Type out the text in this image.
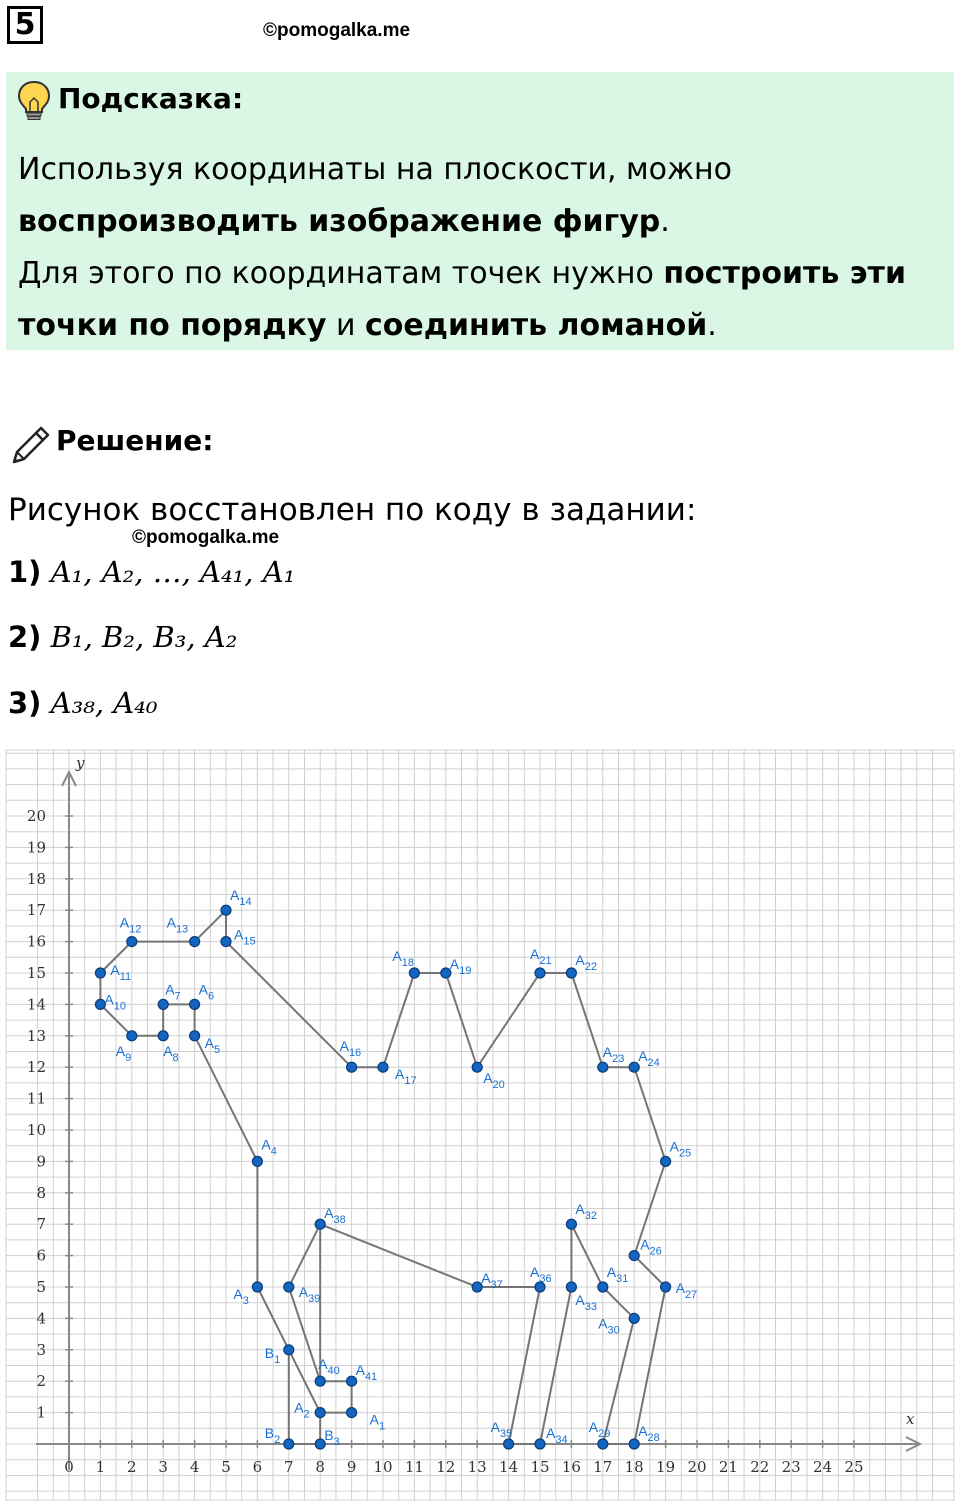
5	©pomogalka.me
Подсказка:

Используя координаты на плоскости, можно

воспроизводить изображение фигур.

Для этого по координатам точек нужно построить эти

точки по порядку и соединить ломаной.

Решение:
Рисунок восстановлен по коду в задании:
©pomogalka.me
1) A₁, A₂, …, A₄₁, A₁
2) B₁, B₂, B₃, A₂
3) A₃₈, A₄₀
x
y
0 1 2 3 4 5 6 7 8 9 10 11 12 13 14 15 16 17 18 19 20 21 22 23 24 25
1
2
3
4
5
6
7
8
9
10
11
12
13
14
15
16
17
18
19
20
$A_1$
$A_2$
$A_3$
$A_4$
$A_5$
$A_6$
$A_7$
$A_8$
$A_9$
$A_{10}$
$A_{11}$
$A_{12}$ $A_{13}$
$A_{14}$
$A_{15}$
$A_{16}$
$A_{17}$
$A_{18}$	$A_{19}$
$A_{20}$
$A_{21}$ $A_{22}$
$A_{23}$ $A_{24}$
$A_{25}$
$A_{26}$
$A_{27}$
$A_{28}$
$A_{29}$
$A_{30}$
$A_{31}$
$A_{32}$
$A_{33}$
$A_{34}$
$A_{35}$
$A_{36}$
$A_{37}$
$A_{38}$
$A_{39}$
$A_{40}$ $A_{41}$
$B_1$
$B_2$	$B_3$
